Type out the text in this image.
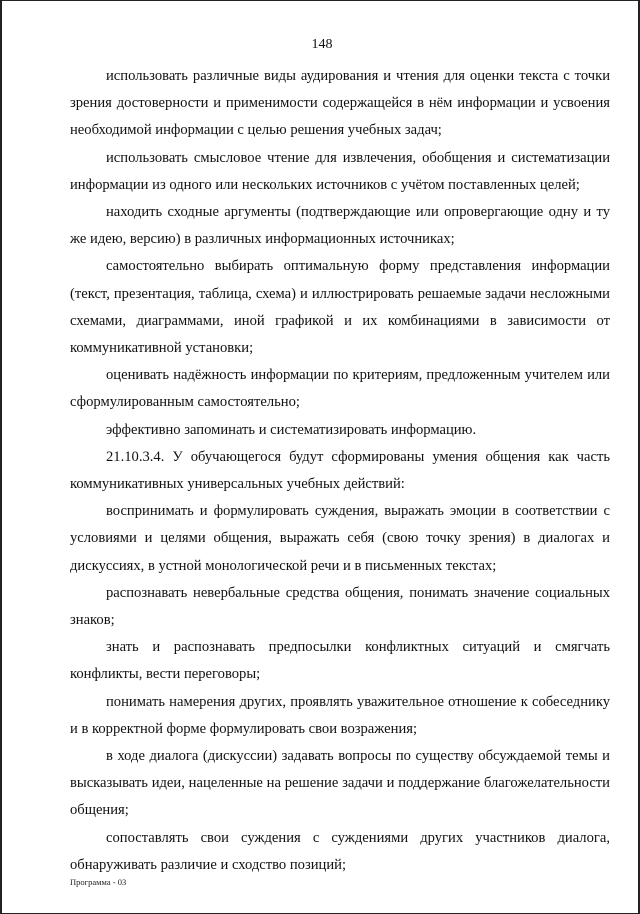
148

использовать различные виды аудирования и чтения для оценки текста с точки зрения достоверности и применимости содержащейся в нём информации и усвоения необходимой информации с целью решения учебных задач;

использовать смысловое чтение для извлечения, обобщения и систематизации информации из одного или нескольких источников с учётом поставленных целей;

находить сходные аргументы (подтверждающие или опровергающие одну и ту же идею, версию) в различных информационных источниках;

самостоятельно выбирать оптимальную форму представления информации (текст, презентация, таблица, схема) и иллюстрировать решаемые задачи несложными схемами, диаграммами, иной графикой и их комбинациями в зависимости от коммуникативной установки;

оценивать надёжность информации по критериям, предложенным учителем или сформулированным самостоятельно;

эффективно запоминать и систематизировать информацию.

21.10.3.4. У обучающегося будут сформированы умения общения как часть коммуникативных универсальных учебных действий:

воспринимать и формулировать суждения, выражать эмоции в соответствии с условиями и целями общения, выражать себя (свою точку зрения) в диалогах и дискуссиях, в устной монологической речи и в письменных текстах;

распознавать невербальные средства общения, понимать значение социальных знаков;

знать и распознавать предпосылки конфликтных ситуаций и смягчать конфликты, вести переговоры;

понимать намерения других, проявлять уважительное отношение к собеседнику и в корректной форме формулировать свои возражения;

в ходе диалога (дискуссии) задавать вопросы по существу обсуждаемой темы и высказывать идеи, нацеленные на решение задачи и поддержание благожелательности общения;

сопоставлять свои суждения с суждениями других участников диалога, обнаруживать различие и сходство позиций;

Программа - 03
